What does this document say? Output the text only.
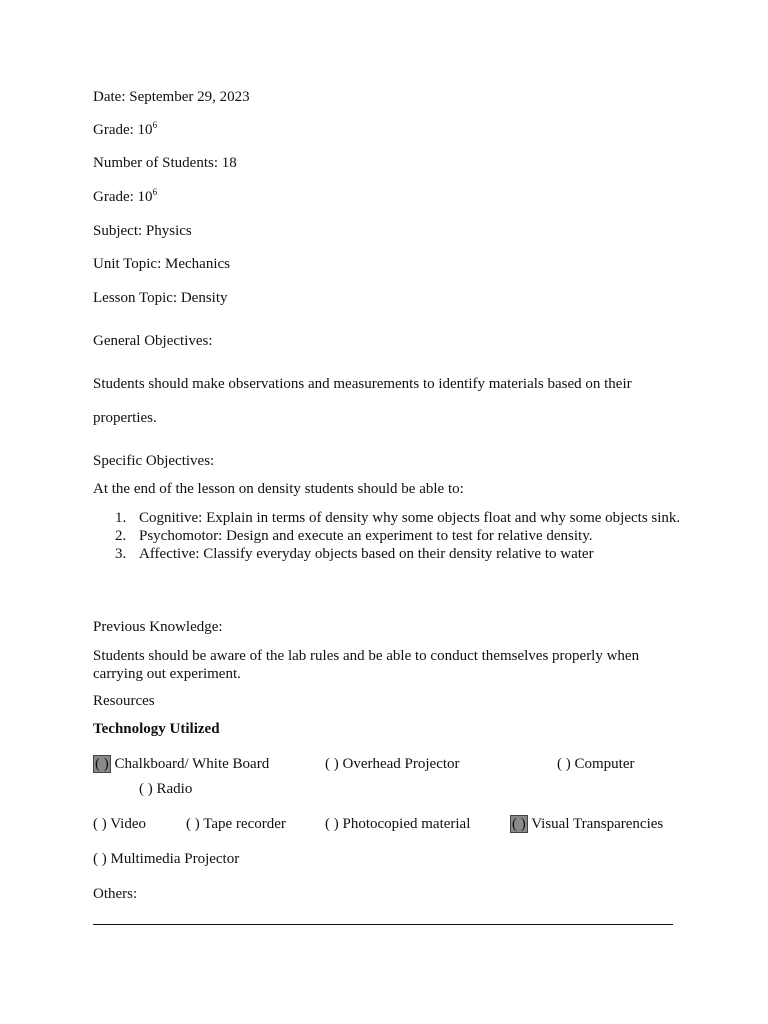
Date: September 29, 2023
Grade: $10^6$
Number of Students: 18
Grade: $10^6$
Subject: Physics
Unit Topic: Mechanics
Lesson Topic: Density
General Objectives:
Students should make observations and measurements to identify materials based on their
properties.
Specific Objectives:
At the end of the lesson on density students should be able to:
1. Cognitive: Explain in terms of density why some objects float and why some objects sink.
2. Psychomotor: Design and execute an experiment to test for relative density.
3. Affective: Classify everyday objects based on their density relative to water
Previous Knowledge:
Students should be aware of the lab rules and be able to conduct themselves properly when carrying out experiment.
Resources
Technology Utilized
( ) Chalkboard/ White Board	( ) Overhead Projector	( ) Computer
( ) Radio
( ) Video	( ) Tape recorder	( ) Photocopied material	( ) Visual Transparencies
( ) Multimedia Projector
Others:
